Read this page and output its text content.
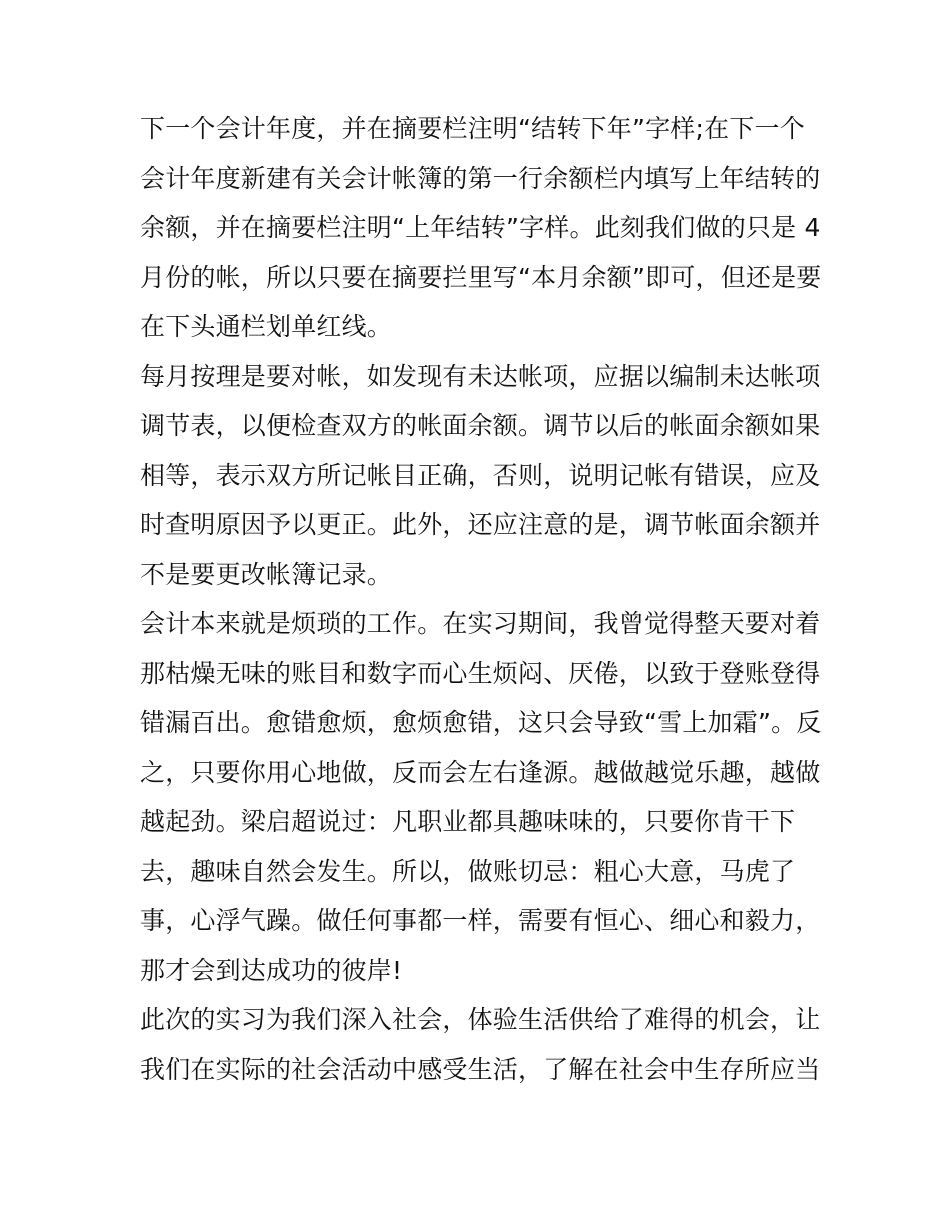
下一个会计年度，并在摘要栏注明“结转下年”字样;在下一个
会计年度新建有关会计帐簿的第一行余额栏内填写上年结转的
余额，并在摘要栏注明“上年结转”字样。此刻我们做的只是 4
月份的帐，所以只要在摘要拦里写“本月余额”即可，但还是要
在下头通栏划单红线。
每月按理是要对帐，如发现有未达帐项，应据以编制未达帐项
调节表，以便检查双方的帐面余额。调节以后的帐面余额如果
相等，表示双方所记帐目正确，否则，说明记帐有错误，应及
时查明原因予以更正。此外，还应注意的是，调节帐面余额并
不是要更改帐簿记录。
会计本来就是烦琐的工作。在实习期间，我曾觉得整天要对着
那枯燥无味的账目和数字而心生烦闷、厌倦，以致于登账登得
错漏百出。愈错愈烦，愈烦愈错，这只会导致“雪上加霜”。反
之，只要你用心地做，反而会左右逢源。越做越觉乐趣，越做
越起劲。梁启超说过：凡职业都具趣味味的，只要你肯干下
去，趣味自然会发生。所以，做账切忌：粗心大意，马虎了
事，心浮气躁。做任何事都一样，需要有恒心、细心和毅力，
那才会到达成功的彼岸!
此次的实习为我们深入社会，体验生活供给了难得的机会，让
我们在实际的社会活动中感受生活，了解在社会中生存所应当
